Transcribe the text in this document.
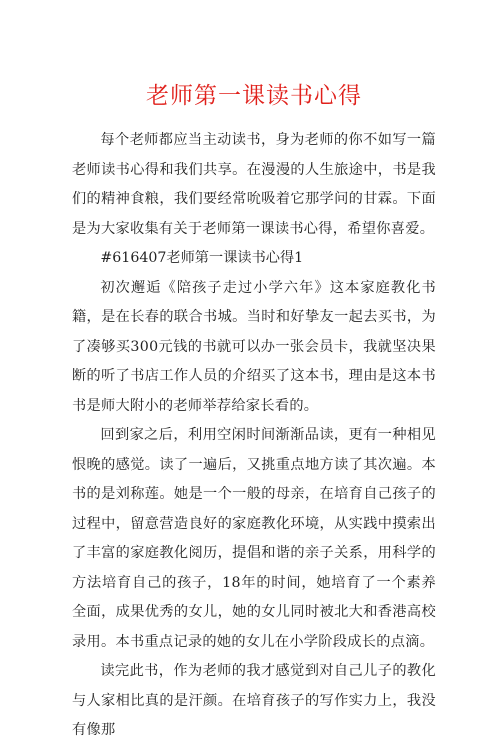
老师第一课读书心得

每个老师都应当主动读书，身为老师的你不如写一篇老师读书心得和我们共享。在漫漫的人生旅途中，书是我们的精神食粮，我们要经常吮吸着它那学问的甘霖。下面是为大家收集有关于老师第一课读书心得，希望你喜爱。

#616407老师第一课读书心得1

初次邂逅《陪孩子走过小学六年》这本家庭教化书籍，是在长春的联合书城。当时和好挚友一起去买书，为了凑够买300元钱的书就可以办一张会员卡，我就坚决果断的听了书店工作人员的介绍买了这本书，理由是这本书书是师大附小的老师举荐给家长看的。

回到家之后，利用空闲时间渐渐品读，更有一种相见恨晚的感觉。读了一遍后，又挑重点地方读了其次遍。本书的是刘称莲。她是一个一般的母亲，在培育自己孩子的过程中，留意营造良好的家庭教化环境，从实践中摸索出了丰富的家庭教化阅历，提倡和谐的亲子关系，用科学的方法培育自己的孩子，18年的时间，她培育了一个素养全面，成果优秀的女儿，她的女儿同时被北大和香港高校录用。本书重点记录的她的女儿在小学阶段成长的点滴。

读完此书，作为老师的我才感觉到对自己儿子的教化与人家相比真的是汗颜。在培育孩子的写作实力上，我没有像那
